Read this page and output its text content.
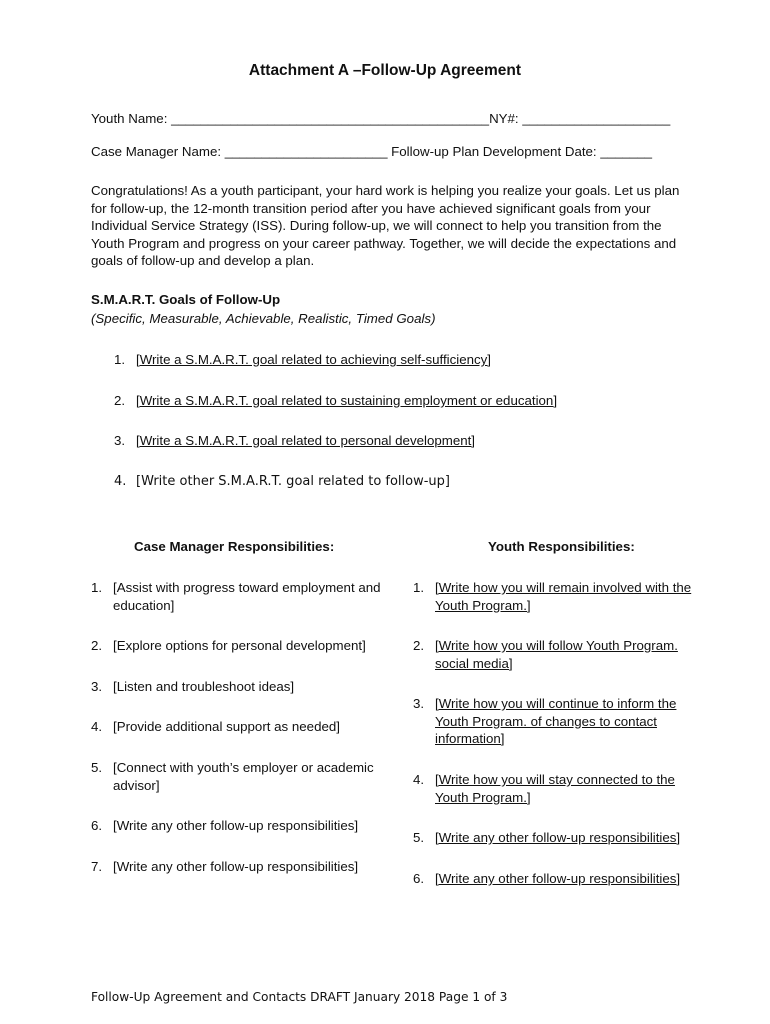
Attachment A –Follow-Up Agreement
Youth Name: ___________________________________________NY#: ____________________
Case Manager Name: ______________________ Follow-up Plan Development Date: _______
Congratulations! As a youth participant, your hard work is helping you realize your goals. Let us plan for follow-up, the 12-month transition period after you have achieved significant goals from your Individual Service Strategy (ISS). During follow-up, we will connect to help you transition from the Youth Program and progress on your career pathway. Together, we will decide the expectations and goals of follow-up and develop a plan.
S.M.A.R.T. Goals of Follow-Up
(Specific, Measurable, Achievable, Realistic, Timed Goals)
1. [Write a S.M.A.R.T. goal related to achieving self-sufficiency]
2. [Write a S.M.A.R.T. goal related to sustaining employment or education]
3. [Write a S.M.A.R.T. goal related to personal development]
4. [Write other S.M.A.R.T. goal related to follow-up]
Case Manager Responsibilities:	Youth Responsibilities:
1. [Assist with progress toward employment and education]
2. [Explore options for personal development]
3. [Listen and troubleshoot ideas]
4. [Provide additional support as needed]
5. [Connect with youth’s employer or academic advisor]
6. [Write any other follow-up responsibilities]
7. [Write any other follow-up responsibilities]
1. [Write how you will remain involved with the Youth Program.]
2. [Write how you will follow Youth Program. social media]
3. [Write how you will continue to inform the Youth Program. of changes to contact information]
4. [Write how you will stay connected to the Youth Program.]
5. [Write any other follow-up responsibilities]
6. [Write any other follow-up responsibilities]
Follow-Up Agreement and Contacts DRAFT January 2018 Page 1 of 3
